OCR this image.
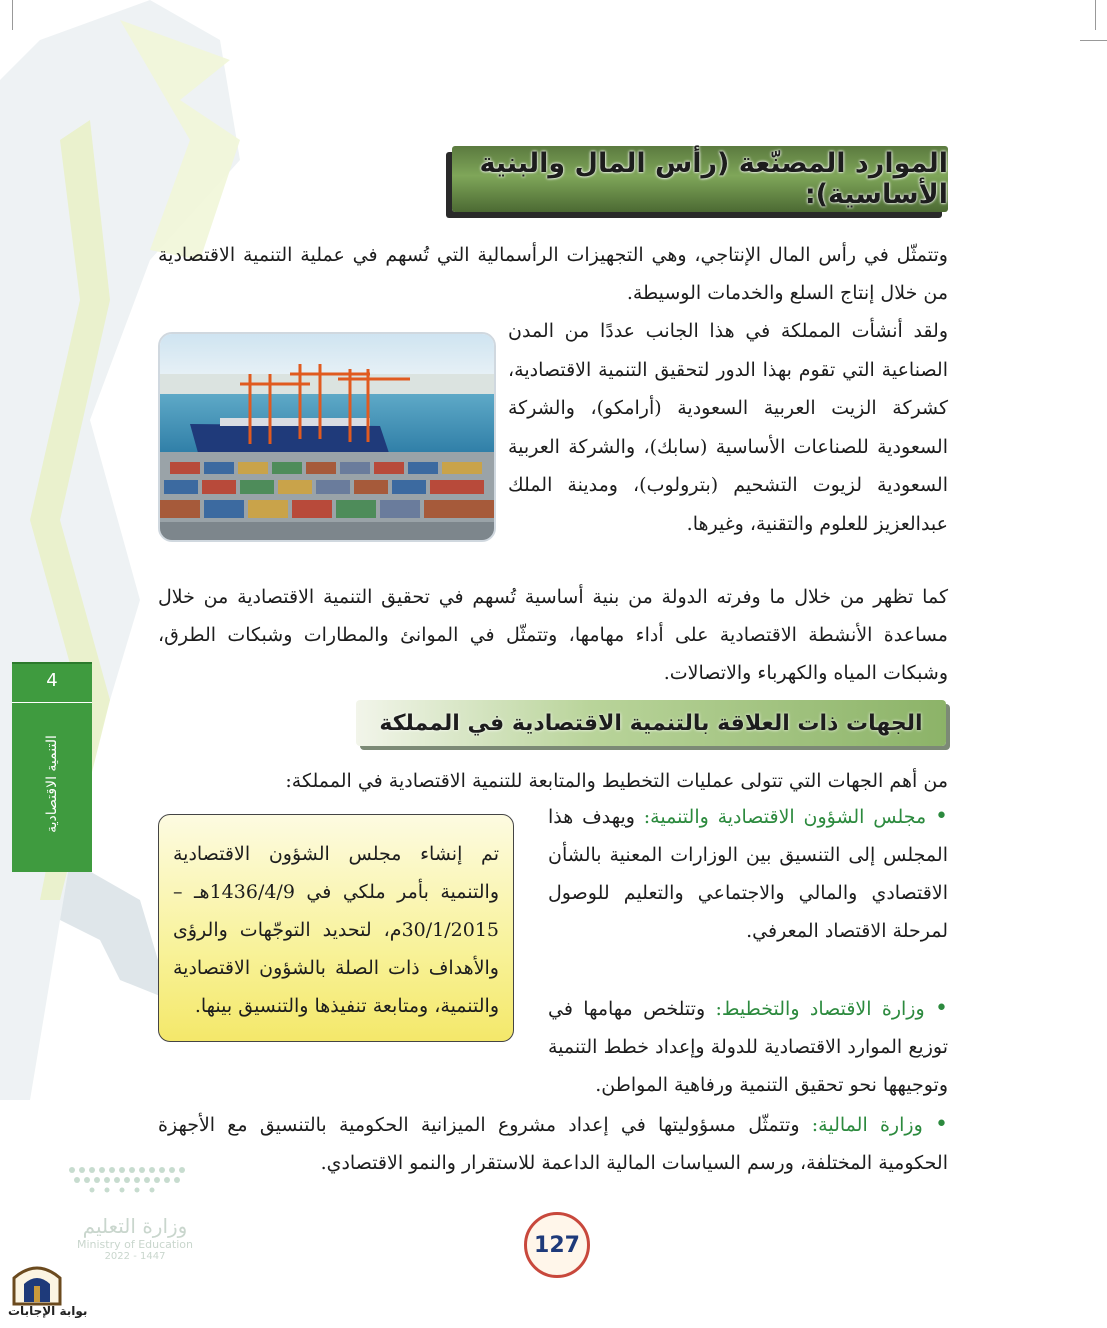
الموارد المصنّعة (رأس المال والبنية الأساسية):

وتتمثّل في رأس المال الإنتاجي، وهي التجهيزات الرأسمالية التي تُسهم في عملية التنمية الاقتصادية من خلال إنتاج السلع والخدمات الوسيطة.

ولقد أنشأت المملكة في هذا الجانب عددًا من المدن الصناعية التي تقوم بهذا الدور لتحقيق التنمية الاقتصادية، كشركة الزيت العربية السعودية (أرامكو)، والشركة السعودية للصناعات الأساسية (سابك)، والشركة العربية السعودية لزيوت التشحيم (بترولوب)، ومدينة الملك عبدالعزيز للعلوم والتقنية، وغيرها.

كما تظهر من خلال ما وفرته الدولة من بنية أساسية تُسهم في تحقيق التنمية الاقتصادية من خلال مساعدة الأنشطة الاقتصادية على أداء مهامها، وتتمثّل في الموانئ والمطارات وشبكات الطرق، وشبكات المياه والكهرباء والاتصالات.

4
التنمية الاقتصادية
الجهات ذات العلاقة بالتنمية الاقتصادية في المملكة

من أهم الجهات التي تتولى عمليات التخطيط والمتابعة للتنمية الاقتصادية في المملكة:

• مجلس الشؤون الاقتصادية والتنمية: ويهدف هذا المجلس إلى التنسيق بين الوزارات المعنية بالشأن الاقتصادي والمالي والاجتماعي والتعليم للوصول لمرحلة الاقتصاد المعرفي.

تم إنشاء مجلس الشؤون الاقتصادية والتنمية بأمر ملكي في 1436/4/9هـ – 30/1/2015م، لتحديد التوجّهات والرؤى والأهداف ذات الصلة بالشؤون الاقتصادية والتنمية، ومتابعة تنفيذها والتنسيق بينها.	• وزارة الاقتصاد والتخطيط: وتتلخص مهامها في توزيع الموارد الاقتصادية للدولة وإعداد خطط التنمية وتوجيهها نحو تحقيق التنمية ورفاهية المواطن.
• وزارة المالية: وتتمثّل مسؤوليتها في إعداد مشروع الميزانية الحكومية بالتنسيق مع الأجهزة الحكومية المختلفة، ورسم السياسات المالية الداعمة للاستقرار والنمو الاقتصادي.
وزارة التعليم
Ministry of Education
2022 - 1447	127
بوابة الإجابات
